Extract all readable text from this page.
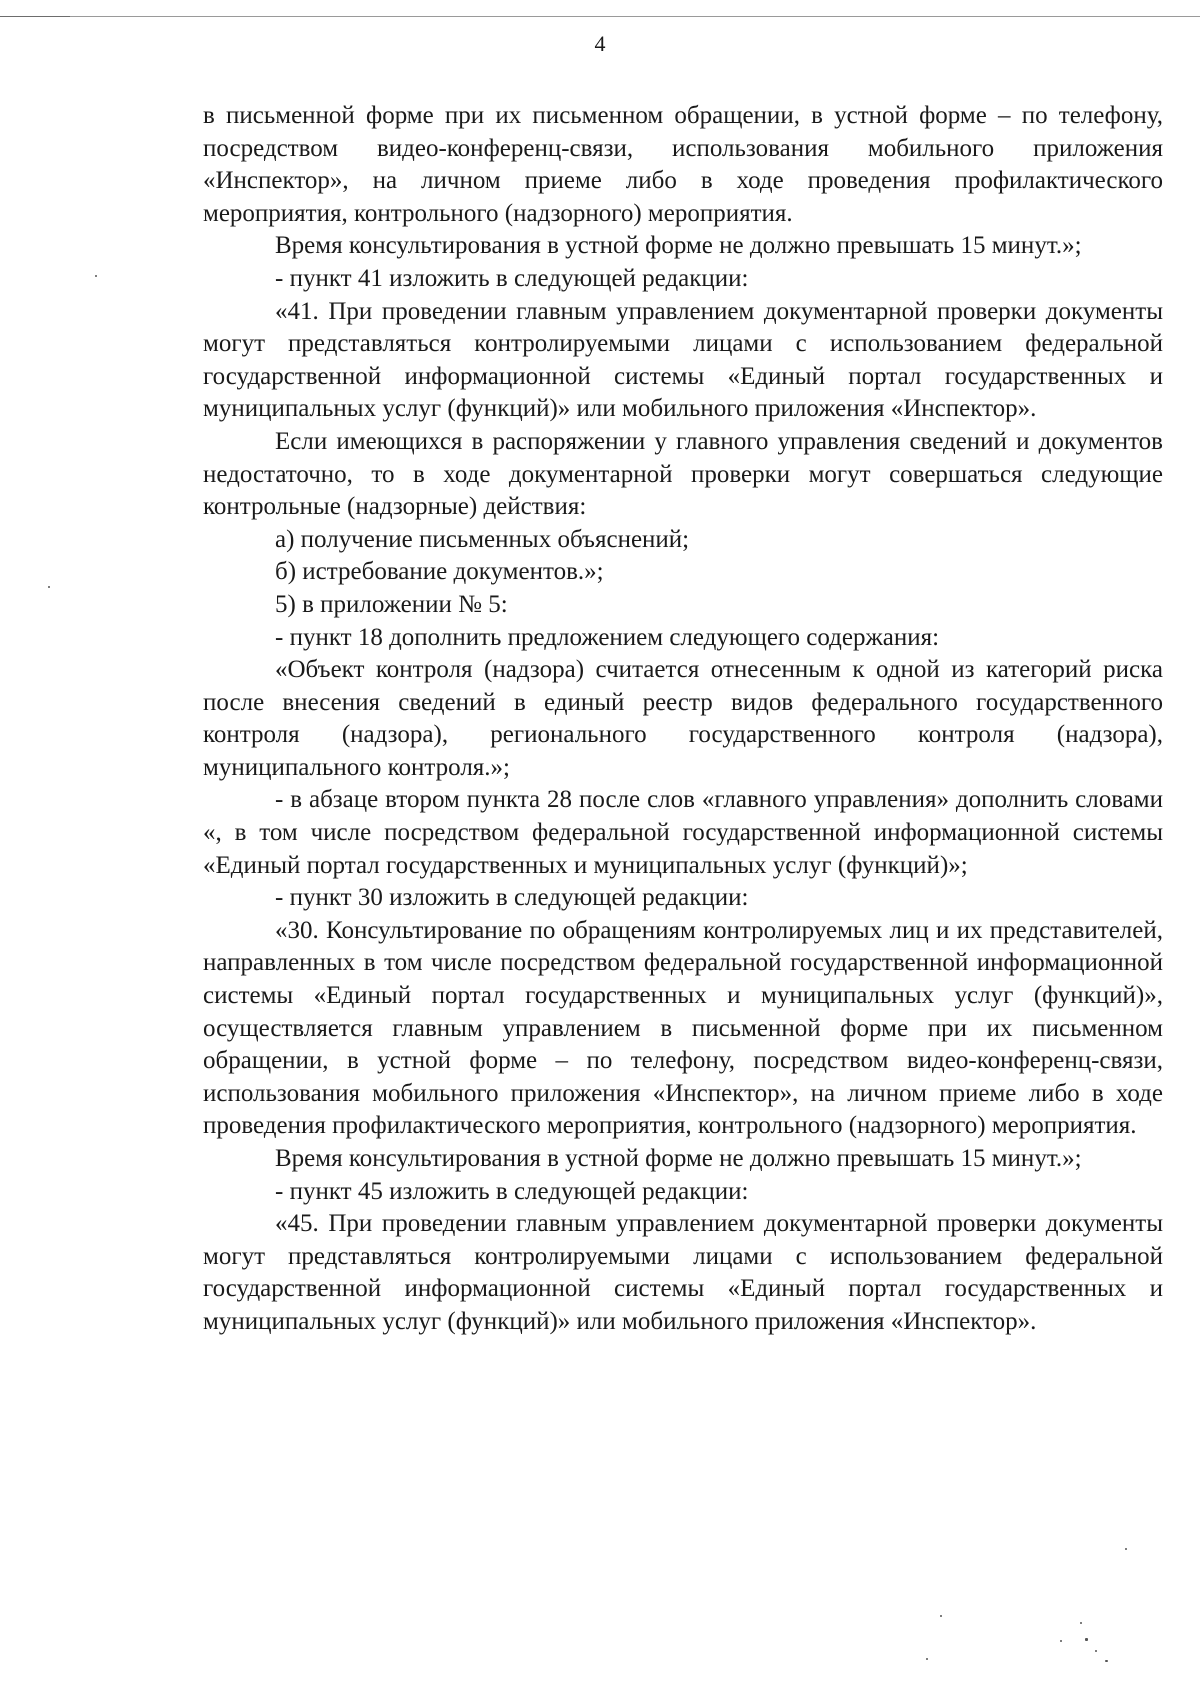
4

в письменной форме при их письменном обращении, в устной форме – по телефону, посредством видео-конференц-связи, использования мобильного приложения «Инспектор», на личном приеме либо в ходе проведения профилактического мероприятия, контрольного (надзорного) мероприятия.

Время консультирования в устной форме не должно превышать 15 минут.»;

- пункт 41 изложить в следующей редакции:

«41. При проведении главным управлением документарной проверки документы могут представляться контролируемыми лицами с использованием федеральной государственной информационной системы «Единый портал государственных и муниципальных услуг (функций)» или мобильного приложения «Инспектор».

Если имеющихся в распоряжении у главного управления сведений и документов недостаточно, то в ходе документарной проверки могут совершаться следующие контрольные (надзорные) действия:

а) получение письменных объяснений;

б) истребование документов.»;

5) в приложении № 5:

- пункт 18 дополнить предложением следующего содержания:

«Объект контроля (надзора) считается отнесенным к одной из категорий риска после внесения сведений в единый реестр видов федерального государственного контроля (надзора), регионального государственного контроля (надзора), муниципального контроля.»;

- в абзаце втором пункта 28 после слов «главного управления» дополнить словами «, в том числе посредством федеральной государственной информационной системы «Единый портал государственных и муниципальных услуг (функций)»;

- пункт 30 изложить в следующей редакции:

«30. Консультирование по обращениям контролируемых лиц и их представителей, направленных в том числе посредством федеральной государственной информационной системы «Единый портал государственных и муниципальных услуг (функций)», осуществляется главным управлением в письменной форме при их письменном обращении, в устной форме – по телефону, посредством видео-конференц-связи, использования мобильного приложения «Инспектор», на личном приеме либо в ходе проведения профилактического мероприятия, контрольного (надзорного) мероприятия.

Время консультирования в устной форме не должно превышать 15 минут.»;

- пункт 45 изложить в следующей редакции:

«45. При проведении главным управлением документарной проверки документы могут представляться контролируемыми лицами с использованием федеральной государственной информационной системы «Единый портал государственных и муниципальных услуг (функций)» или мобильного приложения «Инспектор».
